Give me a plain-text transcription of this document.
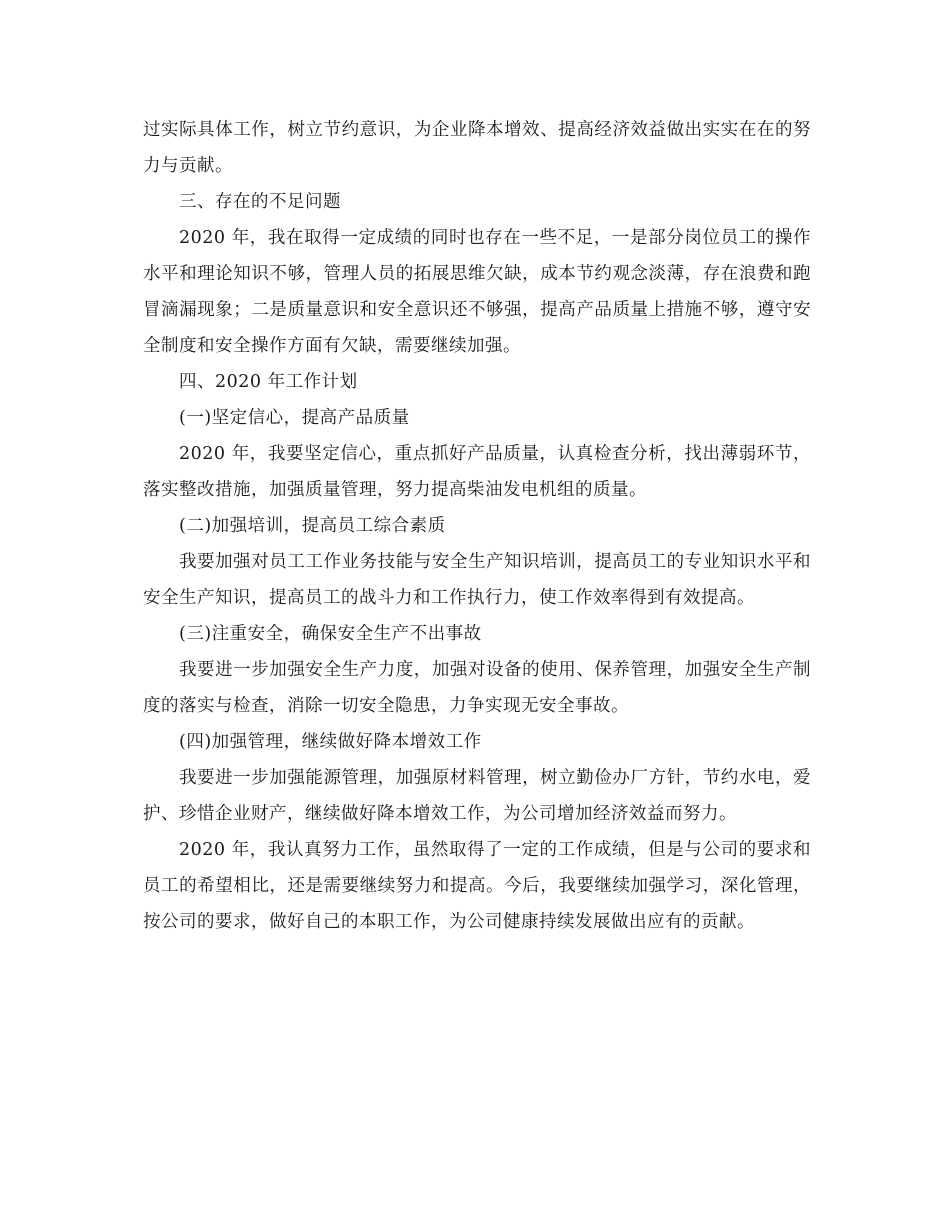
过实际具体工作，树立节约意识，为企业降本增效、提高经济效益做出实实在在的努力与贡献。

三、存在的不足问题

2020 年，我在取得一定成绩的同时也存在一些不足，一是部分岗位员工的操作水平和理论知识不够，管理人员的拓展思维欠缺，成本节约观念淡薄，存在浪费和跑冒滴漏现象；二是质量意识和安全意识还不够强，提高产品质量上措施不够，遵守安全制度和安全操作方面有欠缺，需要继续加强。

四、2020 年工作计划

(一)坚定信心，提高产品质量

2020 年，我要坚定信心，重点抓好产品质量，认真检查分析，找出薄弱环节，落实整改措施，加强质量管理，努力提高柴油发电机组的质量。

(二)加强培训，提高员工综合素质

我要加强对员工工作业务技能与安全生产知识培训，提高员工的专业知识水平和安全生产知识，提高员工的战斗力和工作执行力，使工作效率得到有效提高。

(三)注重安全，确保安全生产不出事故

我要进一步加强安全生产力度，加强对设备的使用、保养管理，加强安全生产制度的落实与检查，消除一切安全隐患，力争实现无安全事故。

(四)加强管理，继续做好降本增效工作

我要进一步加强能源管理，加强原材料管理，树立勤俭办厂方针，节约水电，爱护、珍惜企业财产，继续做好降本增效工作，为公司增加经济效益而努力。

2020 年，我认真努力工作，虽然取得了一定的工作成绩，但是与公司的要求和员工的希望相比，还是需要继续努力和提高。今后，我要继续加强学习，深化管理，按公司的要求，做好自己的本职工作，为公司健康持续发展做出应有的贡献。
